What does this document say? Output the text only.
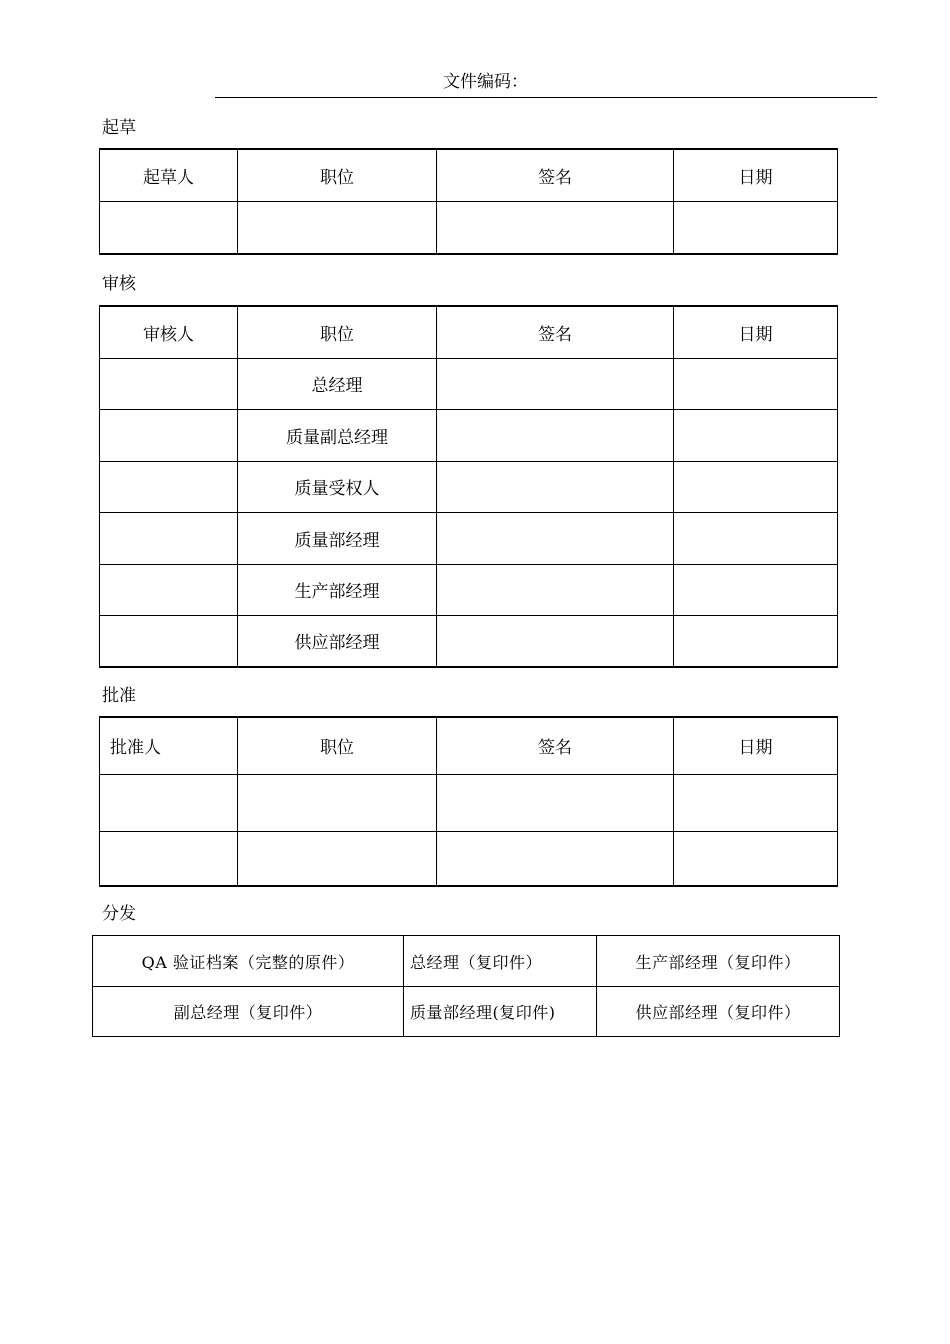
文件编码：
起草
起草人	职位	签名	日期

审核
审核人	职位	签名	日期
	总经理		
	质量副总经理		
	质量受权人		
	质量部经理		
	生产部经理		
	供应部经理		
批准
批准人	职位	签名	日期

分发
QA 验证档案（完整的原件）	总经理（复印件）	生产部经理（复印件）
副总经理（复印件）	质量部经理(复印件)	供应部经理（复印件）
